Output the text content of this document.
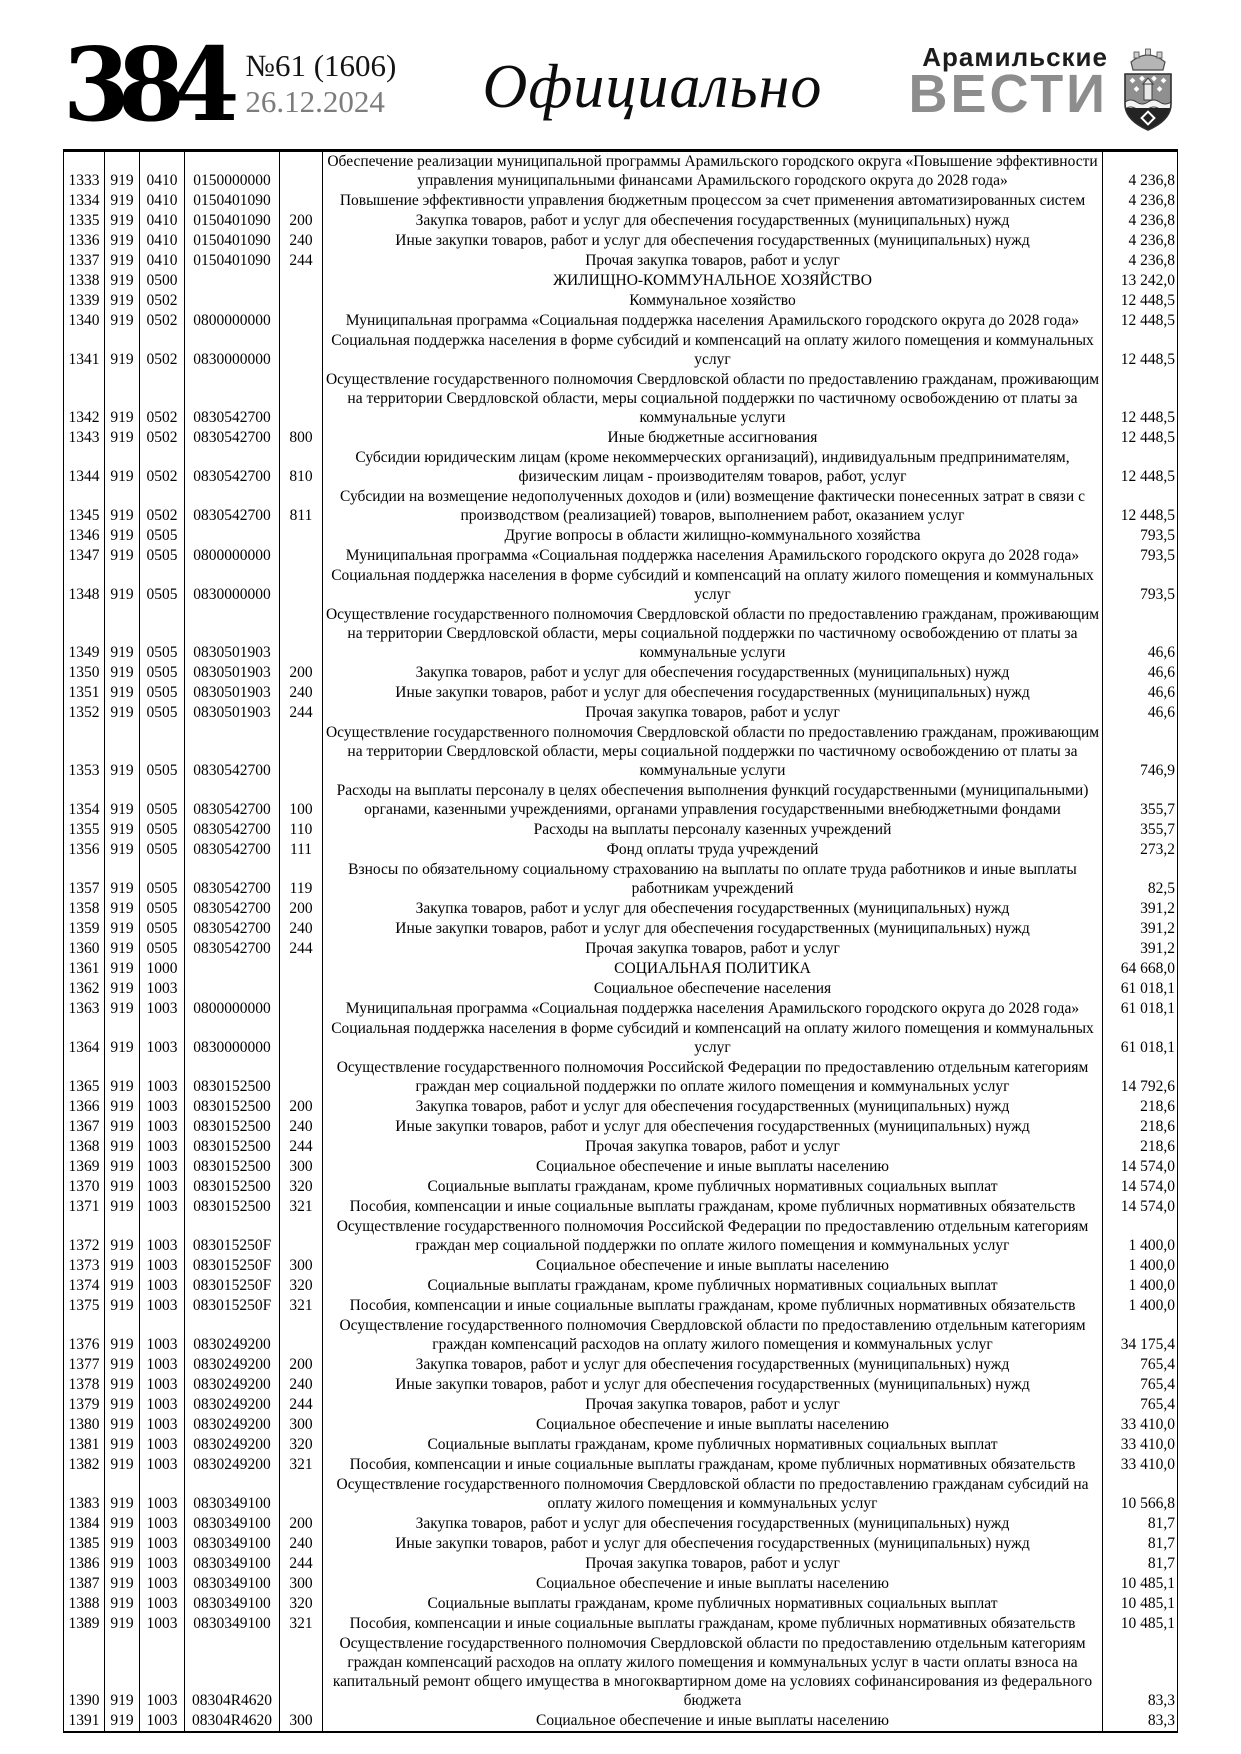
384 №61 (1606)
26.12.2024	Официально	Арамильские
ВЕСТИ
1333	919	0410	0150000000		Обеспечение реализации муниципальной программы Арамильского городского округа «Повышение эффективности управления муниципальными финансами Арамильского городского округа до 2028 года»	4 236,8
1334	919	0410	0150401090		Повышение эффективности управления бюджетным процессом за счет применения автоматизированных систем	4 236,8
1335	919	0410	0150401090	200	Закупка товаров, работ и услуг для обеспечения государственных (муниципальных) нужд	4 236,8
1336	919	0410	0150401090	240	Иные закупки товаров, работ и услуг для обеспечения государственных (муниципальных) нужд	4 236,8
1337	919	0410	0150401090	244	Прочая закупка товаров, работ и услуг	4 236,8
1338	919	0500			ЖИЛИЩНО-КОММУНАЛЬНОЕ ХОЗЯЙСТВО	13 242,0
1339	919	0502			Коммунальное хозяйство	12 448,5
1340	919	0502	0800000000		Муниципальная программа «Социальная поддержка населения Арамильского городского округа до 2028 года»	12 448,5
1341	919	0502	0830000000		Социальная поддержка населения в форме субсидий и компенсаций на оплату жилого помещения и коммунальных услуг	12 448,5
1342	919	0502	0830542700		Осуществление государственного полномочия Свердловской области по предоставлению гражданам, проживающим на территории Свердловской области, меры социальной поддержки по частичному освобождению от платы за коммунальные услуги	12 448,5
1343	919	0502	0830542700	800	Иные бюджетные ассигнования	12 448,5
1344	919	0502	0830542700	810	Субсидии юридическим лицам (кроме некоммерческих организаций), индивидуальным предпринимателям, физическим лицам - производителям товаров, работ, услуг	12 448,5
1345	919	0502	0830542700	811	Субсидии на возмещение недополученных доходов и (или) возмещение фактически понесенных затрат в связи с производством (реализацией) товаров, выполнением работ, оказанием услуг	12 448,5
1346	919	0505			Другие вопросы в области жилищно-коммунального хозяйства	793,5
1347	919	0505	0800000000		Муниципальная программа «Социальная поддержка населения Арамильского городского округа до 2028 года»	793,5
1348	919	0505	0830000000		Социальная поддержка населения в форме субсидий и компенсаций на оплату жилого помещения и коммунальных услуг	793,5
1349	919	0505	0830501903		Осуществление государственного полномочия Свердловской области по предоставлению гражданам, проживающим на территории Свердловской области, меры социальной поддержки по частичному освобождению от платы за коммунальные услуги	46,6
1350	919	0505	0830501903	200	Закупка товаров, работ и услуг для обеспечения государственных (муниципальных) нужд	46,6
1351	919	0505	0830501903	240	Иные закупки товаров, работ и услуг для обеспечения государственных (муниципальных) нужд	46,6
1352	919	0505	0830501903	244	Прочая закупка товаров, работ и услуг	46,6
1353	919	0505	0830542700		Осуществление государственного полномочия Свердловской области по предоставлению гражданам, проживающим на территории Свердловской области, меры социальной поддержки по частичному освобождению от платы за коммунальные услуги	746,9
1354	919	0505	0830542700	100	Расходы на выплаты персоналу в целях обеспечения выполнения функций государственными (муниципальными) органами, казенными учреждениями, органами управления государственными внебюджетными фондами	355,7
1355	919	0505	0830542700	110	Расходы на выплаты персоналу казенных учреждений	355,7
1356	919	0505	0830542700	111	Фонд оплаты труда учреждений	273,2
1357	919	0505	0830542700	119	Взносы по обязательному социальному страхованию на выплаты по оплате труда работников и иные выплаты работникам учреждений	82,5
1358	919	0505	0830542700	200	Закупка товаров, работ и услуг для обеспечения государственных (муниципальных) нужд	391,2
1359	919	0505	0830542700	240	Иные закупки товаров, работ и услуг для обеспечения государственных (муниципальных) нужд	391,2
1360	919	0505	0830542700	244	Прочая закупка товаров, работ и услуг	391,2
1361	919	1000			СОЦИАЛЬНАЯ ПОЛИТИКА	64 668,0
1362	919	1003			Социальное обеспечение населения	61 018,1
1363	919	1003	0800000000		Муниципальная программа «Социальная поддержка населения Арамильского городского округа до 2028 года»	61 018,1
1364	919	1003	0830000000		Социальная поддержка населения в форме субсидий и компенсаций на оплату жилого помещения и коммунальных услуг	61 018,1
1365	919	1003	0830152500		Осуществление государственного полномочия Российской Федерации по предоставлению отдельным категориям граждан мер социальной поддержки по оплате жилого помещения и коммунальных услуг	14 792,6
1366	919	1003	0830152500	200	Закупка товаров, работ и услуг для обеспечения государственных (муниципальных) нужд	218,6
1367	919	1003	0830152500	240	Иные закупки товаров, работ и услуг для обеспечения государственных (муниципальных) нужд	218,6
1368	919	1003	0830152500	244	Прочая закупка товаров, работ и услуг	218,6
1369	919	1003	0830152500	300	Социальное обеспечение и иные выплаты населению	14 574,0
1370	919	1003	0830152500	320	Социальные выплаты гражданам, кроме публичных нормативных социальных выплат	14 574,0
1371	919	1003	0830152500	321	Пособия, компенсации и иные социальные выплаты гражданам, кроме публичных нормативных обязательств	14 574,0
1372	919	1003	083015250F		Осуществление государственного полномочия Российской Федерации по предоставлению отдельным категориям граждан мер социальной поддержки по оплате жилого помещения и коммунальных услуг	1 400,0
1373	919	1003	083015250F	300	Социальное обеспечение и иные выплаты населению	1 400,0
1374	919	1003	083015250F	320	Социальные выплаты гражданам, кроме публичных нормативных социальных выплат	1 400,0
1375	919	1003	083015250F	321	Пособия, компенсации и иные социальные выплаты гражданам, кроме публичных нормативных обязательств	1 400,0
1376	919	1003	0830249200		Осуществление государственного полномочия Свердловской области по предоставлению отдельным категориям граждан компенсаций расходов на оплату жилого помещения и коммунальных услуг	34 175,4
1377	919	1003	0830249200	200	Закупка товаров, работ и услуг для обеспечения государственных (муниципальных) нужд	765,4
1378	919	1003	0830249200	240	Иные закупки товаров, работ и услуг для обеспечения государственных (муниципальных) нужд	765,4
1379	919	1003	0830249200	244	Прочая закупка товаров, работ и услуг	765,4
1380	919	1003	0830249200	300	Социальное обеспечение и иные выплаты населению	33 410,0
1381	919	1003	0830249200	320	Социальные выплаты гражданам, кроме публичных нормативных социальных выплат	33 410,0
1382	919	1003	0830249200	321	Пособия, компенсации и иные социальные выплаты гражданам, кроме публичных нормативных обязательств	33 410,0
1383	919	1003	0830349100		Осуществление государственного полномочия Свердловской области по предоставлению гражданам субсидий на оплату жилого помещения и коммунальных услуг	10 566,8
1384	919	1003	0830349100	200	Закупка товаров, работ и услуг для обеспечения государственных (муниципальных) нужд	81,7
1385	919	1003	0830349100	240	Иные закупки товаров, работ и услуг для обеспечения государственных (муниципальных) нужд	81,7
1386	919	1003	0830349100	244	Прочая закупка товаров, работ и услуг	81,7
1387	919	1003	0830349100	300	Социальное обеспечение и иные выплаты населению	10 485,1
1388	919	1003	0830349100	320	Социальные выплаты гражданам, кроме публичных нормативных социальных выплат	10 485,1
1389	919	1003	0830349100	321	Пособия, компенсации и иные социальные выплаты гражданам, кроме публичных нормативных обязательств	10 485,1
1390	919	1003	08304R4620		Осуществление государственного полномочия Свердловской области по предоставлению отдельным категориям граждан компенсаций расходов на оплату жилого помещения и коммунальных услуг в части оплаты взноса на капитальный ремонт общего имущества в многоквартирном доме на условиях софинансирования из федерального бюджета	83,3
1391	919	1003	08304R4620	300	Социальное обеспечение и иные выплаты населению	83,3
